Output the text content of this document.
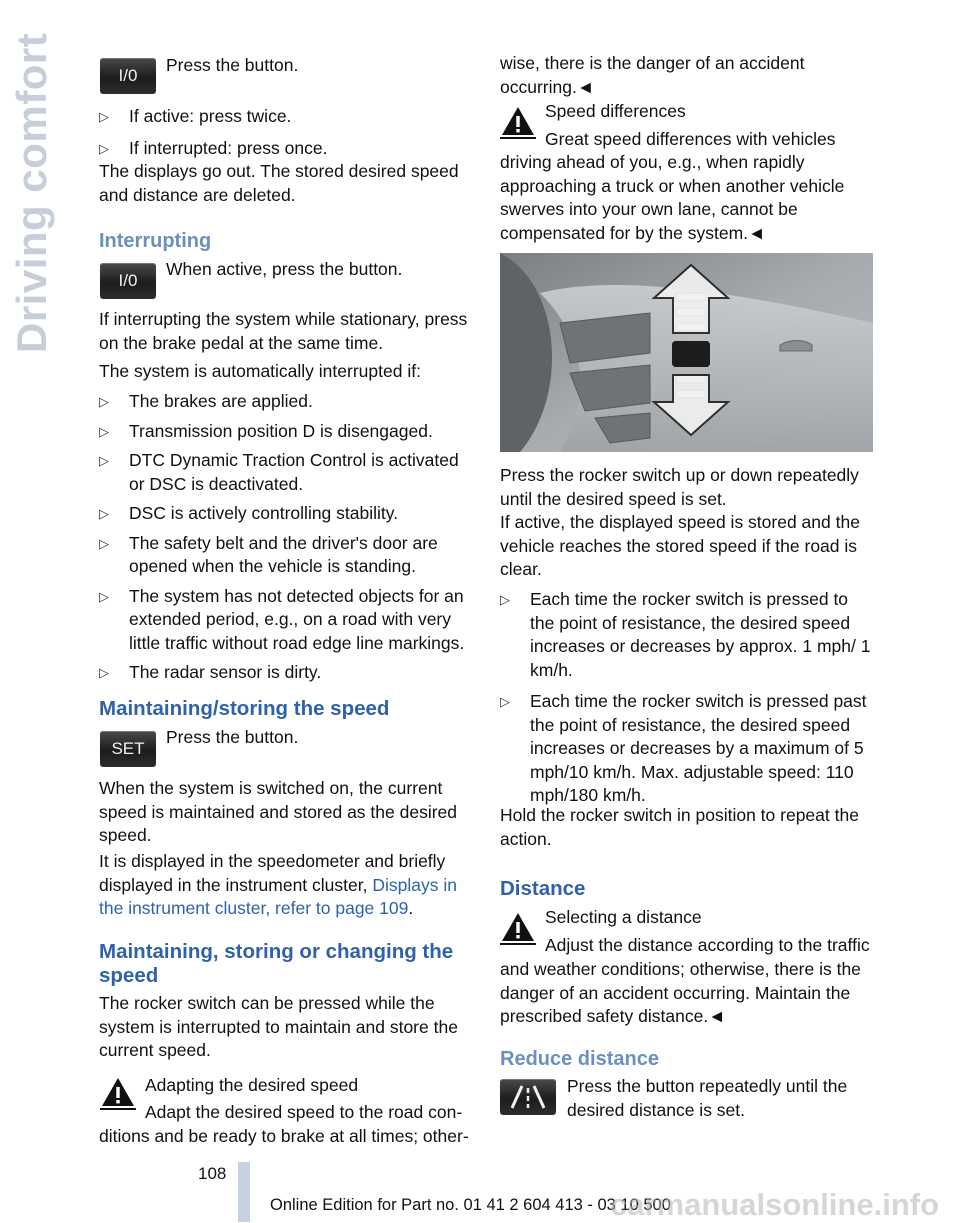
Driving comfort	I/0

Press the button.

▷ If active: press twice.
▷ If interrupted: press once.

The displays go out. The stored desired speed and distance are deleted.

Interrupting
I/0

When active, press the button.

If interrupting the system while stationary, press on the brake pedal at the same time.

The system is automatically interrupted if:

▷ The brakes are applied.
▷ Transmission position D is disengaged.
▷ DTC Dynamic Traction Control is activated or DSC is deactivated.
▷ DSC is actively controlling stability.
▷ The safety belt and the driver's door are opened when the vehicle is standing.
▷ The system has not detected objects for an extended period, e.g., on a road with very little traffic without road edge line markings.
▷ The radar sensor is dirty.
Maintaining/storing the speed
SET

Press the button.

When the system is switched on, the current speed is maintained and stored as the desired speed.

It is displayed in the speedometer and briefly displayed in the instrument cluster, Displays in the instrument cluster, refer to page 109.

Maintaining, storing or changing the speed

The rocker switch can be pressed while the system is interrupted to maintain and store the current speed.

Adapting the desired speed

Adapt the desired speed to the road con-

ditions and be ready to brake at all times; other-

wise, there is the danger of an accident occurring.◄

Speed differences

Great speed differences with vehicles

driving ahead of you, e.g., when rapidly approaching a truck or when another vehicle swerves into your own lane, cannot be compensated for by the system.◄

Press the rocker switch up or down repeatedly until the desired speed is set.

If active, the displayed speed is stored and the vehicle reaches the stored speed if the road is clear.

▷ Each time the rocker switch is pressed to the point of resistance, the desired speed increases or decreases by approx. 1 mph/ 1 km/h.
▷ Each time the rocker switch is pressed past the point of resistance, the desired speed increases or decreases by a maximum of 5 mph/10 km/h. Max. adjustable speed: 110 mph/180 km/h.

Hold the rocker switch in position to repeat the action.

Distance

Selecting a distance

Adjust the distance according to the traffic

and weather conditions; otherwise, there is the danger of an accident occurring. Maintain the prescribed safety distance.◄

Reduce distance

Press the button repeatedly until the desired distance is set.

108
Online Edition for Part no. 01 41 2 604 413 - 03 10 500
carmanualsonline.info
